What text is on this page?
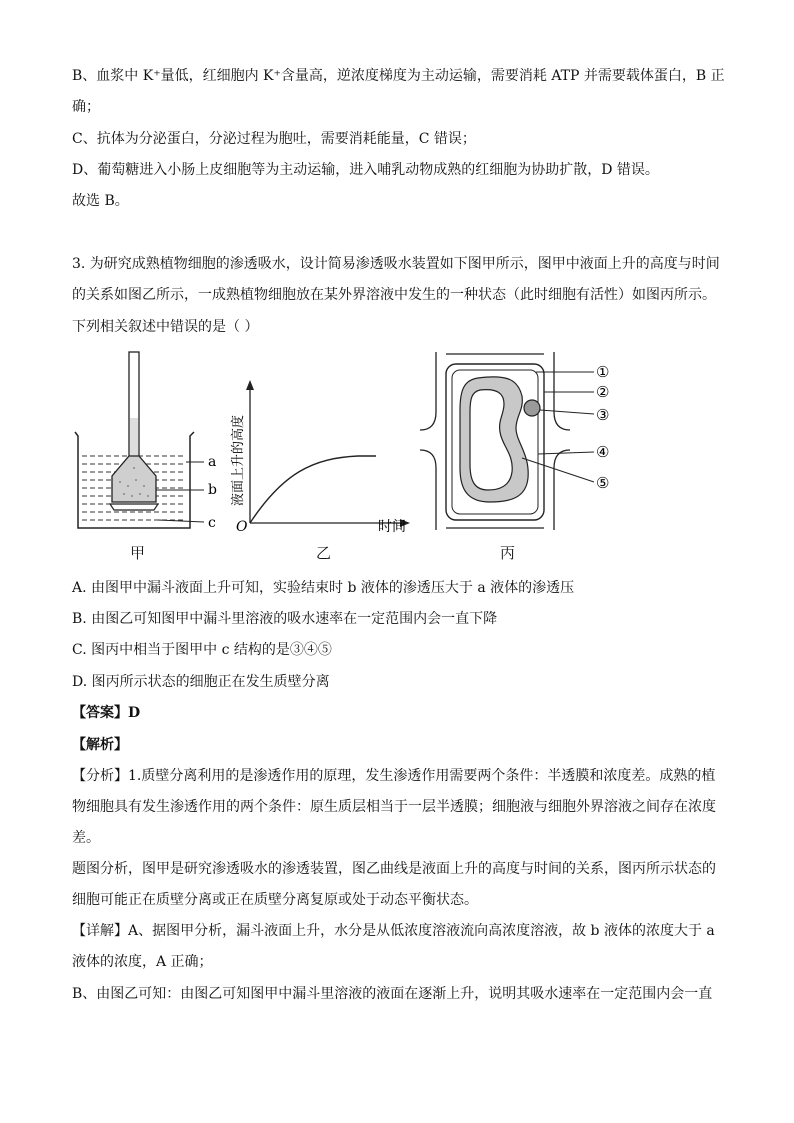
B、血浆中 K⁺量低，红细胞内 K⁺含量高，逆浓度梯度为主动运输，需要消耗 ATP 并需要载体蛋白，B 正
确；
C、抗体为分泌蛋白，分泌过程为胞吐，需要消耗能量，C 错误；
D、葡萄糖进入小肠上皮细胞等为主动运输，进入哺乳动物成熟的红细胞为协助扩散，D 错误。
故选 B。
3. 为研究成熟植物细胞的渗透吸水，设计简易渗透吸水装置如下图甲所示，图甲中液面上升的高度与时间
的关系如图乙所示，一成熟植物细胞放在某外界溶液中发生的一种状态（此时细胞有活性）如图丙所示。
下列相关叙述中错误的是（ ）
a
b
c
甲
O	时间
液面上升的高度
乙
①
②
③
④
⑤
丙
A. 由图甲中漏斗液面上升可知，实验结束时 b 液体的渗透压大于 a 液体的渗透压
B. 由图乙可知图甲中漏斗里溶液的吸水速率在一定范围内会一直下降
C. 图丙中相当于图甲中 c 结构的是③④⑤
D. 图丙所示状态的细胞正在发生质壁分离
【答案】D
【解析】
【分析】1.质壁分离利用的是渗透作用的原理，发生渗透作用需要两个条件：半透膜和浓度差。成熟的植
物细胞具有发生渗透作用的两个条件：原生质层相当于一层半透膜；细胞液与细胞外界溶液之间存在浓度
差。
题图分析，图甲是研究渗透吸水的渗透装置，图乙曲线是液面上升的高度与时间的关系，图丙所示状态的
细胞可能正在质壁分离或正在质壁分离复原或处于动态平衡状态。
【详解】A、据图甲分析，漏斗液面上升，水分是从低浓度溶液流向高浓度溶液，故 b 液体的浓度大于 a
液体的浓度，A 正确；
B、由图乙可知：由图乙可知图甲中漏斗里溶液的液面在逐渐上升，说明其吸水速率在一定范围内会一直
